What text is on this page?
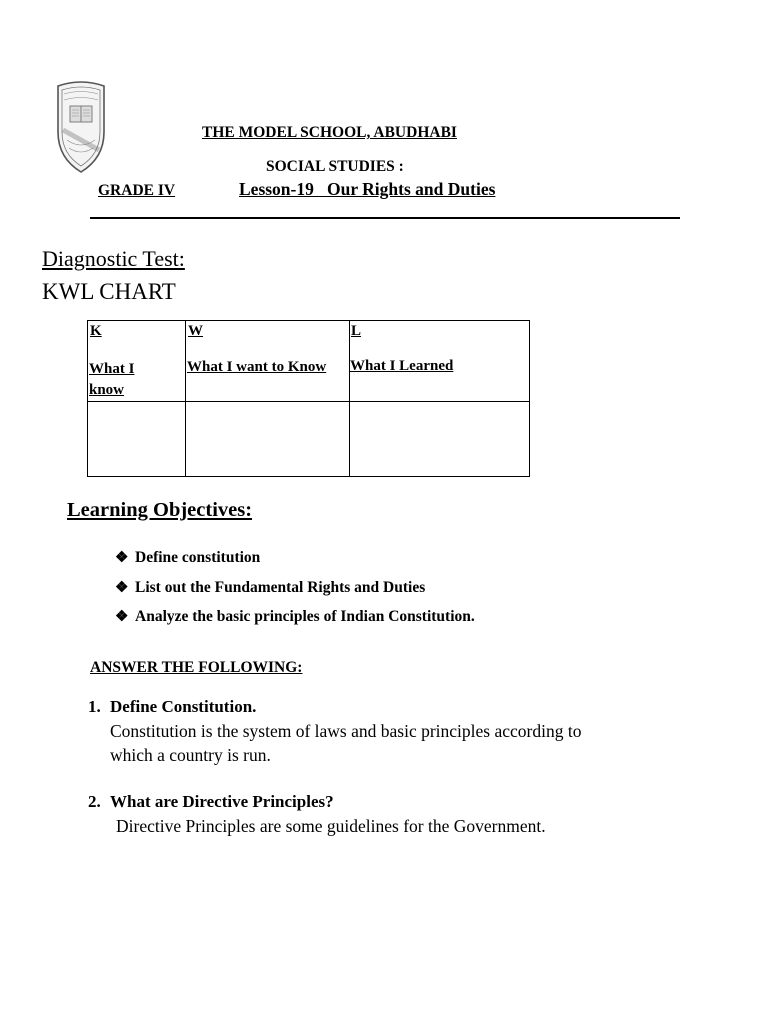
THE MODEL SCHOOL, ABUDHABI
SOCIAL STUDIES :
GRADE IV	Lesson-19   Our Rights and Duties
Diagnostic Test:
KWL CHART
K
What I
know
W
What I want to Know
L
What I Learned
Learning Objectives:
❖ Define constitution
❖ List out the Fundamental Rights and Duties
❖ Analyze the basic principles of Indian Constitution.
ANSWER THE FOLLOWING:
1. Define Constitution.
Constitution is the system of laws and basic principles according to
which a country is run.
2. What are Directive Principles?
Directive Principles are some guidelines for the Government.
